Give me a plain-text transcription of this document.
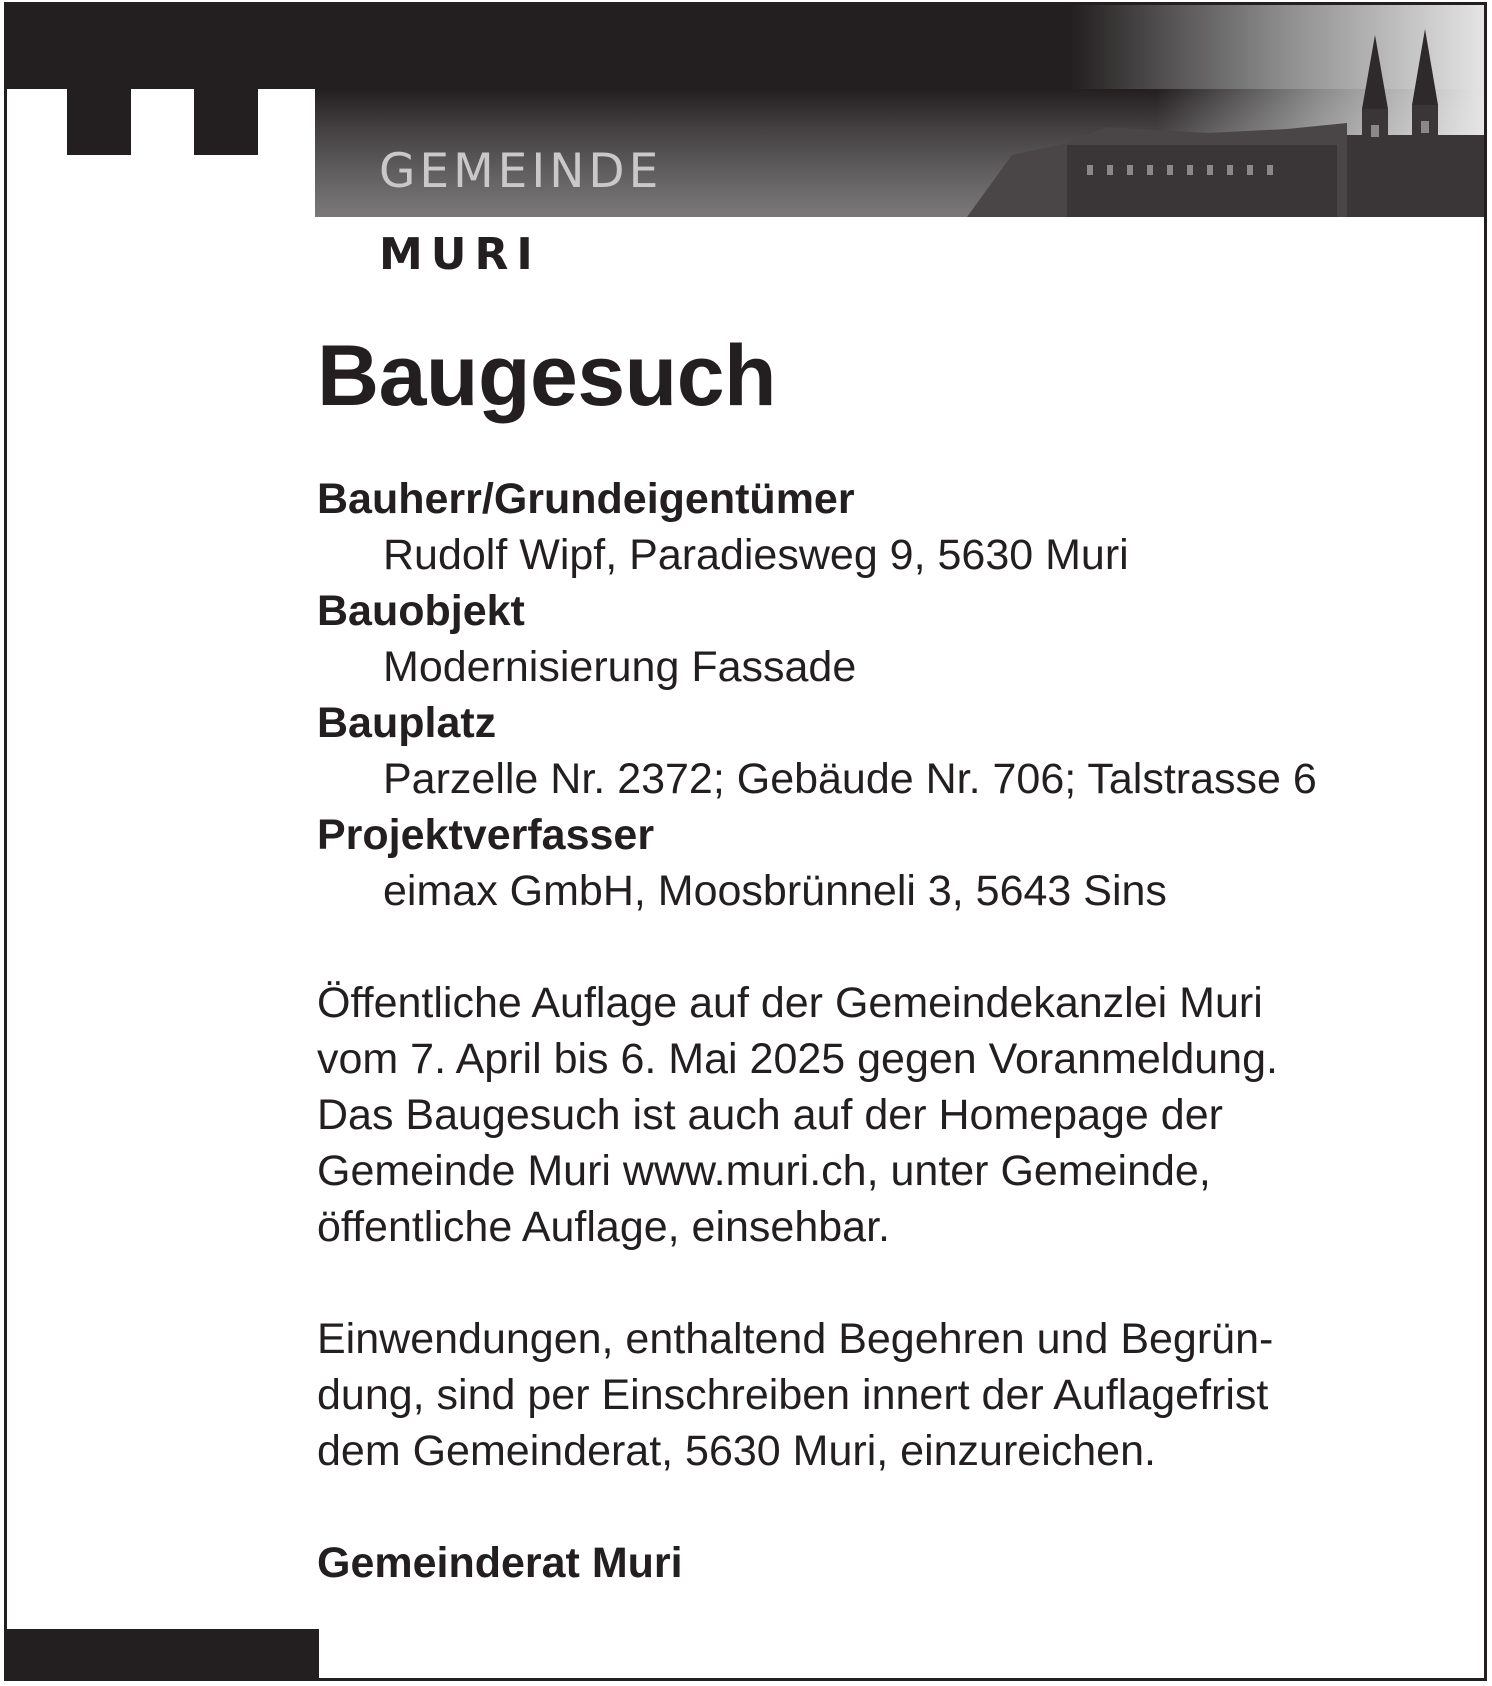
GEMEINDE
MURI
Baugesuch

Bauherr/Grundeigentümer

Rudolf Wipf, Paradiesweg 9, 5630 Muri

Bauobjekt

Modernisierung Fassade

Bauplatz

Parzelle Nr. 2372; Gebäude Nr. 706; Talstrasse 6

Projektverfasser

eimax GmbH, Moosbrünneli 3, 5643 Sins

Öffentliche Auflage auf der Gemeindekanzlei Muri
vom 7. April bis 6. Mai 2025 gegen Voranmeldung.
Das Baugesuch ist auch auf der Homepage der
Gemeinde Muri www.muri.ch, unter Gemeinde,
öffentliche Auflage, einsehbar.

Einwendungen, enthaltend Begehren und Begrün-
dung, sind per Einschreiben innert der Auflagefrist
dem Gemeinderat, 5630 Muri, einzureichen.

Gemeinderat Muri
